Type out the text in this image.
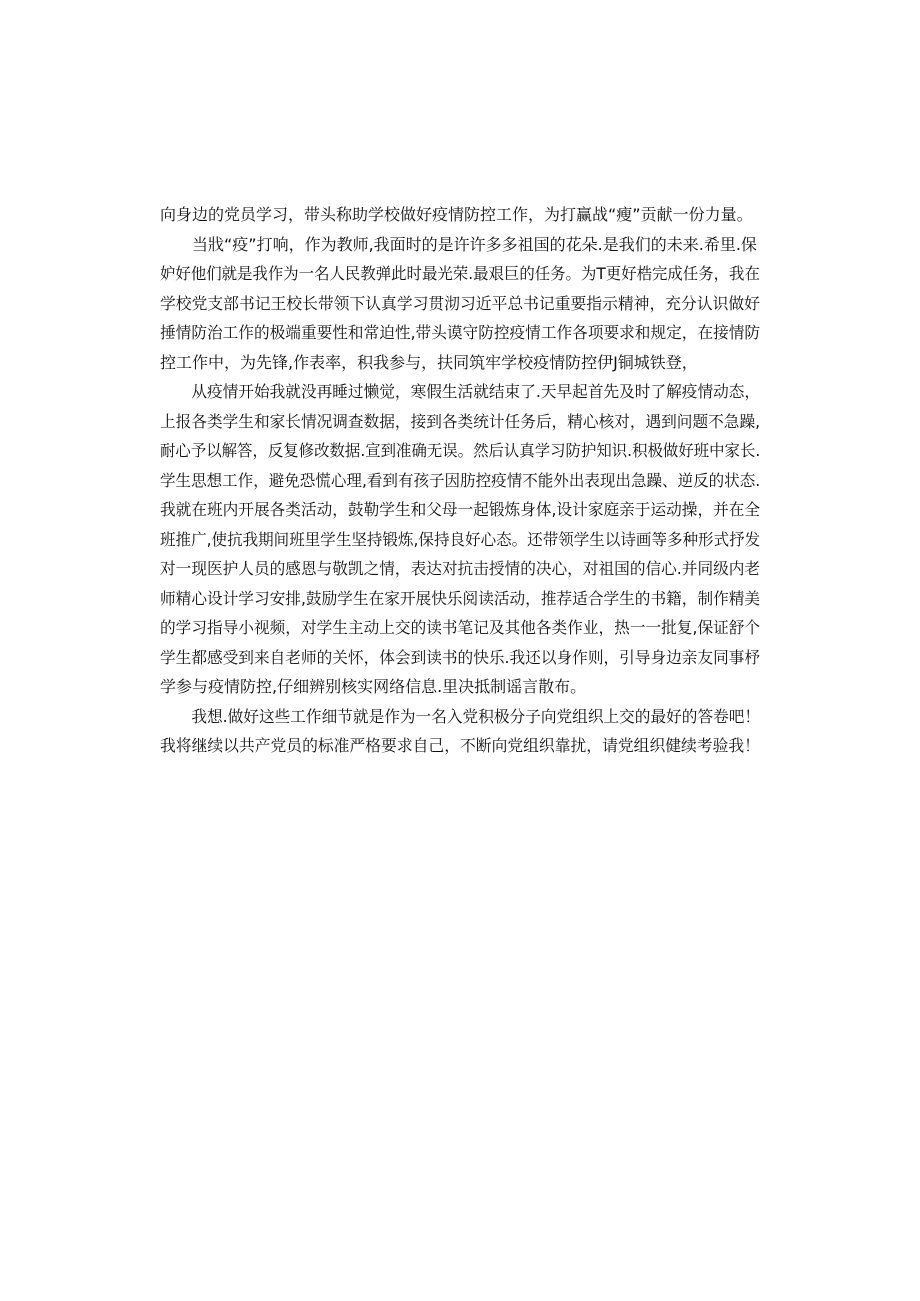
向身边的党员学习，带头称助学校做好疫情防控工作，为打赢战“瘦”贡献一份力量。
当戕“疫”打响，作为教师,我面时的是许许多多祖国的花朵.是我们的未来.希里.保
妒好他们就是我作为一名人民教弹此时最光荣.最艰巨的任务。为T更好梏完成任务，我在
学校党支部书记王校长带领下认真学习贯沏习近平总书记重要指示精神，充分认识做好
捶情防治工作的极端重要性和常迫性,带头谟守防控疫情工作各项要求和规定，在接情防
控工作中，为先锋,作表率，积我参与，扶同筑牢学校疫情防控伊J铜城铁登，
从疫情开始我就没再睡过懒觉，寒假生活就结束了.天早起首先及时了解疫情动态，
上报各类学生和家长情况调查数据，接到各类统计任务后，精心核对，遇到问题不急躁,
耐心予以解答，反复修改数据.宣到准确无误。然后认真学习防护知识.积极做好班中家长.
学生思想工作，避免恐慌心理,看到有孩子因肪控疫情不能外出表现出急躁、逆反的状态.
我就在班内开展各类活动，鼓勒学生和父母一起锻炼身体,设计家庭亲于运动操，并在全
班推广,使抗我期间班里学生坚持锻炼,保持良好心态。还带领学生以诗画等多种形式抒发
对一现医护人员的感恩与敬凯之情，表达对抗击授情的决心，对祖国的信心.并同级内老
师精心设计学习安排,鼓励学生在家开展快乐阅读活动，推荐适合学生的书籍，制作精美
的学习指导小视频，对学生主动上交的读书笔记及其他各类作业，热一一批复,保证舒个
学生都感受到来自老师的关怀，体会到读书的快乐.我还以身作则，引导身边亲友同事杼
学参与疫情防控,仔细辨别核实网络信息.里决抵制谣言散布。
我想.做好这些工作细节就是作为一名入党积极分子向党组织上交的最好的答卷吧！
我将继续以共产党员的标准严格要求自己，不断向党组织靠扰，请党组织健续考验我！
